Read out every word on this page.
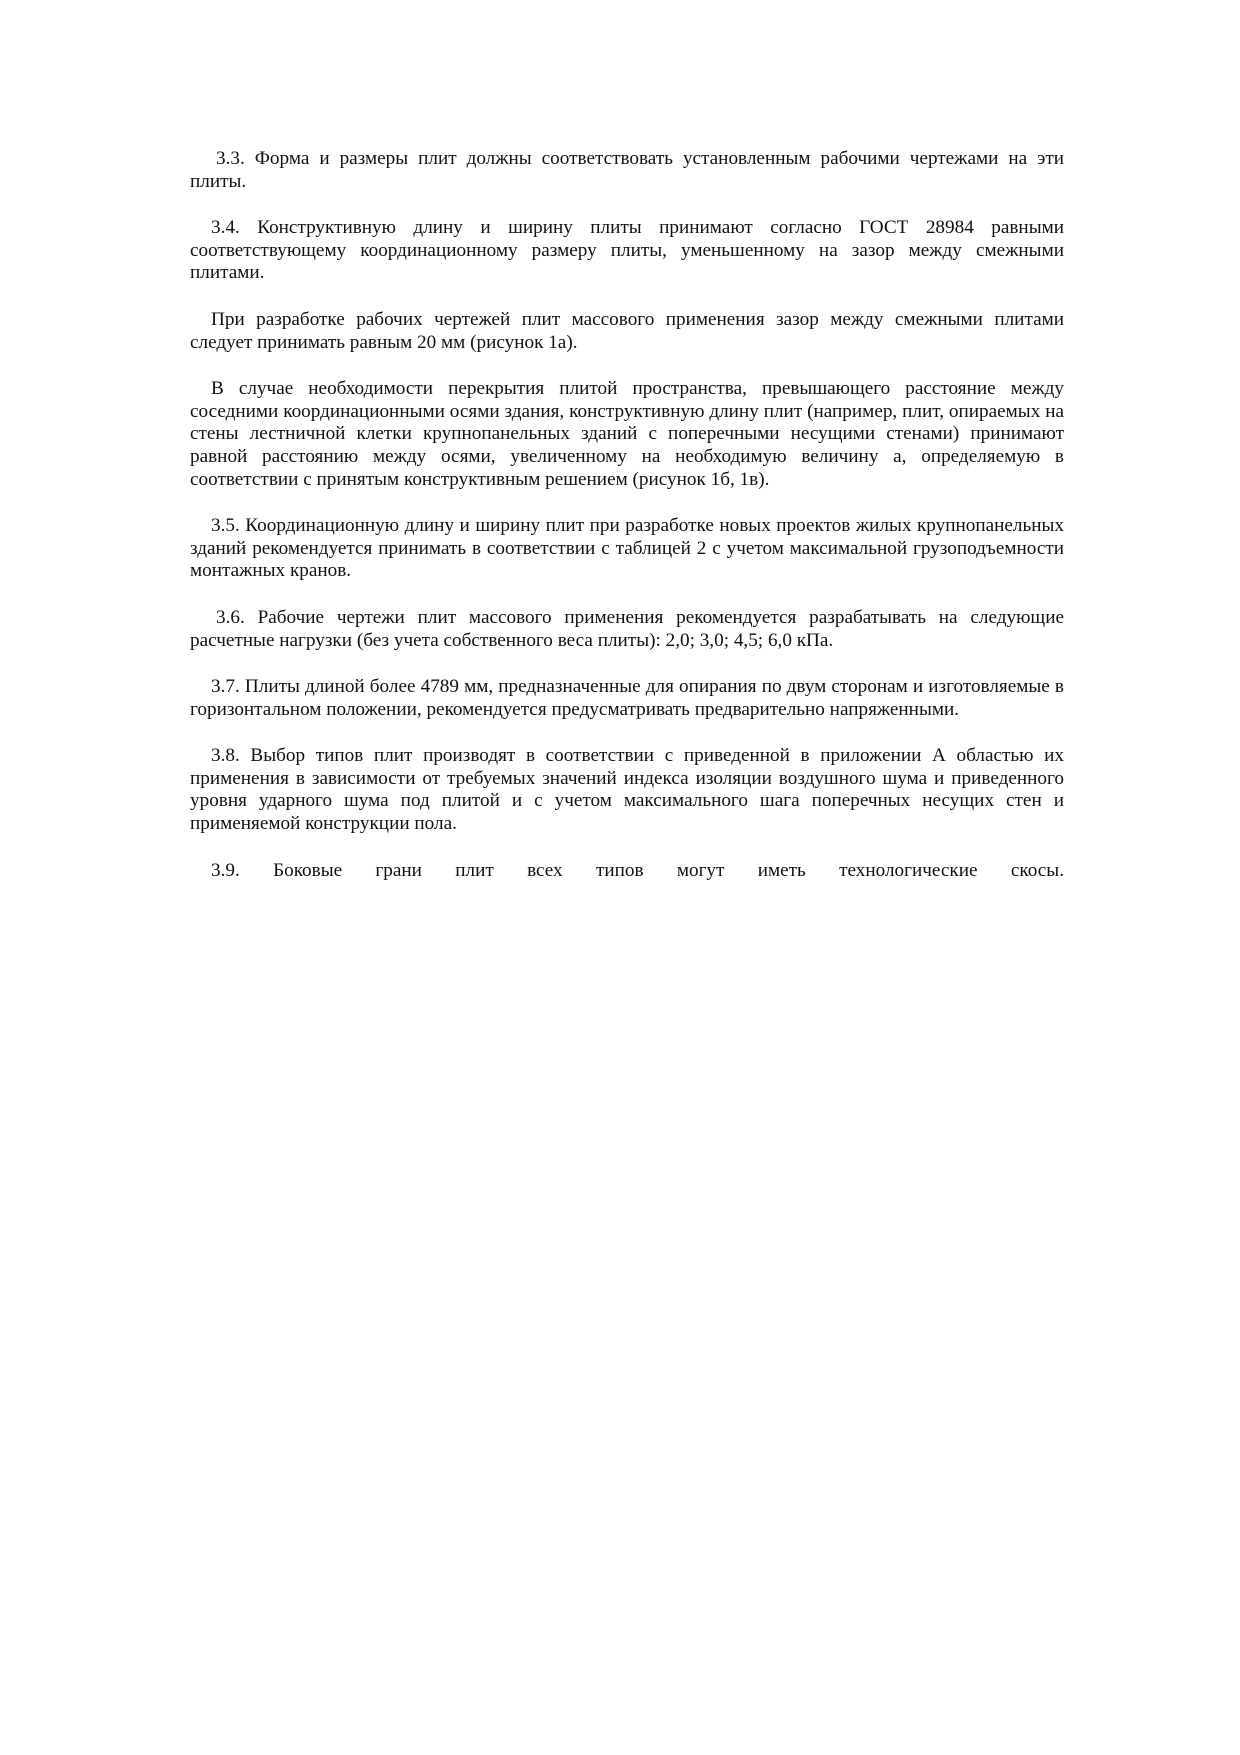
3.3. Форма и размеры плит должны соответствовать установленным рабочими чертежами на эти плиты.

3.4. Конструктивную длину и ширину плиты принимают согласно ГОСТ 28984 равными соответствующему координационному размеру плиты, уменьшенному на зазор между смежными плитами.

При разработке рабочих чертежей плит массового применения зазор между смежными плитами следует принимать равным 20 мм (рисунок 1а).

В случае необходимости перекрытия плитой пространства, превышающего расстояние между соседними координационными осями здания, конструктивную длину плит (например, плит, опираемых на стены лестничной клетки крупнопанельных зданий с поперечными несущими стенами) принимают равной расстоянию между осями, увеличенному на необходимую величину а, определяемую в соответствии с принятым конструктивным решением (рисунок 1б, 1в).

3.5. Координационную длину и ширину плит при разработке новых проектов жилых крупнопанельных зданий рекомендуется принимать в соответствии с таблицей 2 с учетом максимальной грузоподъемности монтажных кранов.

3.6. Рабочие чертежи плит массового применения рекомендуется разрабатывать на следующие расчетные нагрузки (без учета собственного веса плиты): 2,0; 3,0; 4,5; 6,0 кПа.

3.7. Плиты длиной более 4789 мм, предназначенные для опирания по двум сторонам и изготовляемые в горизонтальном положении, рекомендуется предусматривать предварительно напряженными.

3.8. Выбор типов плит производят в соответствии с приведенной в приложении А областью их применения в зависимости от требуемых значений индекса изоляции воздушного шума и приведенного уровня ударного шума под плитой и с учетом максимального шага поперечных несущих стен и применяемой конструкции пола.

3.9. Боковые грани плит всех типов могут иметь технологические скосы.
